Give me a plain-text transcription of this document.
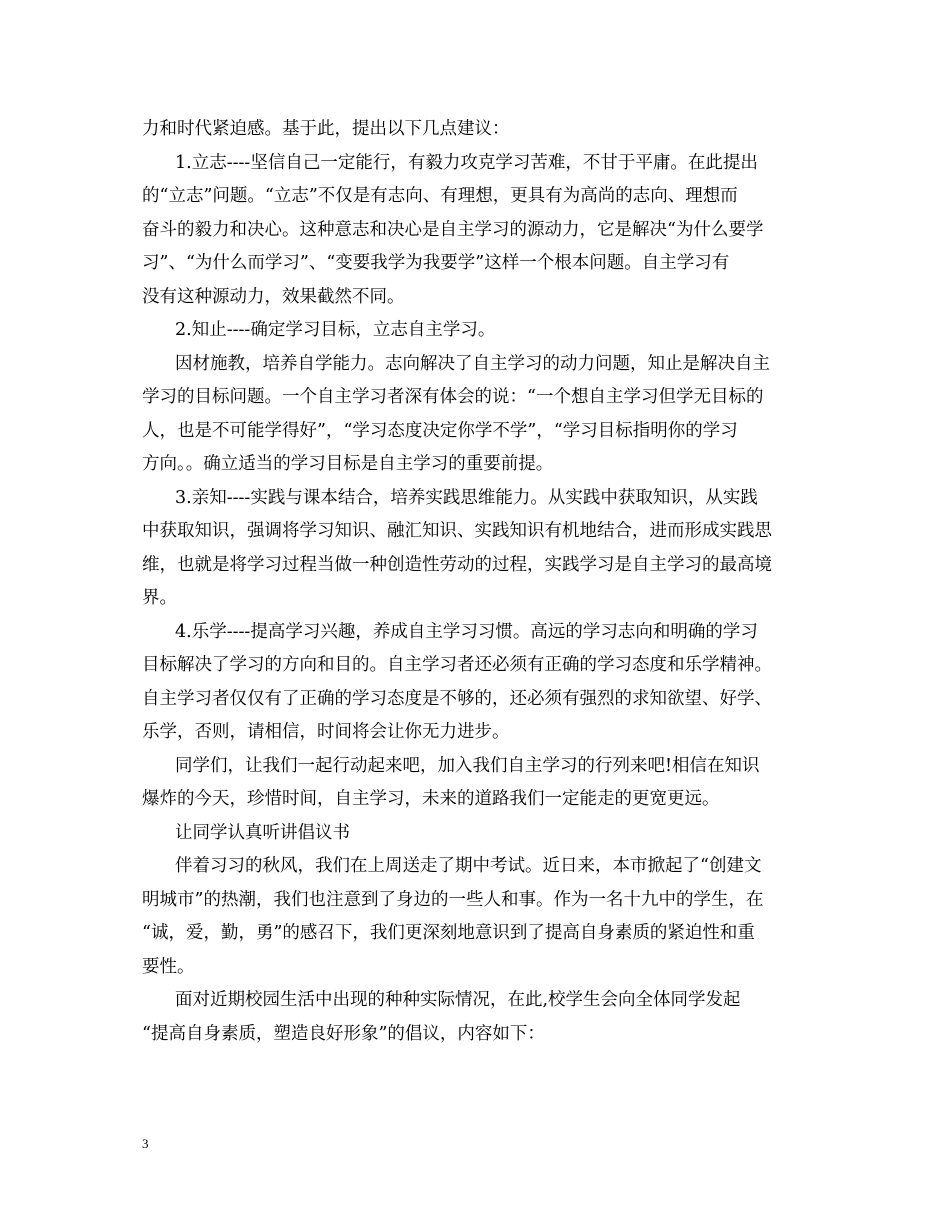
力和时代紧迫感。基于此，提出以下几点建议：
1.立志----坚信自己一定能行，有毅力攻克学习苦难，不甘于平庸。在此提出
的“立志”问题。“立志”不仅是有志向、有理想，更具有为高尚的志向、理想而
奋斗的毅力和决心。这种意志和决心是自主学习的源动力，它是解决“为什么要学
习”、“为什么而学习”、“变要我学为我要学”这样一个根本问题。自主学习有
没有这种源动力，效果截然不同。
2.知止----确定学习目标，立志自主学习。
因材施教，培养自学能力。志向解决了自主学习的动力问题，知止是解决自主
学习的目标问题。一个自主学习者深有体会的说：“一个想自主学习但学无目标的
人，也是不可能学得好”，“学习态度决定你学不学”，“学习目标指明你的学习
方向。。确立适当的学习目标是自主学习的重要前提。
3.亲知----实践与课本结合，培养实践思维能力。从实践中获取知识，从实践
中获取知识，强调将学习知识、融汇知识、实践知识有机地结合，进而形成实践思
维，也就是将学习过程当做一种创造性劳动的过程，实践学习是自主学习的最高境
界。
4.乐学----提高学习兴趣，养成自主学习习惯。高远的学习志向和明确的学习
目标解决了学习的方向和目的。自主学习者还必须有正确的学习态度和乐学精神。
自主学习者仅仅有了正确的学习态度是不够的，还必须有强烈的求知欲望、好学、
乐学，否则，请相信，时间将会让你无力进步。
同学们，让我们一起行动起来吧，加入我们自主学习的行列来吧!相信在知识
爆炸的今天，珍惜时间，自主学习，未来的道路我们一定能走的更宽更远。
让同学认真听讲倡议书
伴着习习的秋风，我们在上周送走了期中考试。近日来，本市掀起了“创建文
明城市”的热潮，我们也注意到了身边的一些人和事。作为一名十九中的学生，在
“诚，爱，勤，勇”的感召下，我们更深刻地意识到了提高自身素质的紧迫性和重
要性。
面对近期校园生活中出现的种种实际情况，在此,校学生会向全体同学发起
“提高自身素质，塑造良好形象”的倡议，内容如下：
3
